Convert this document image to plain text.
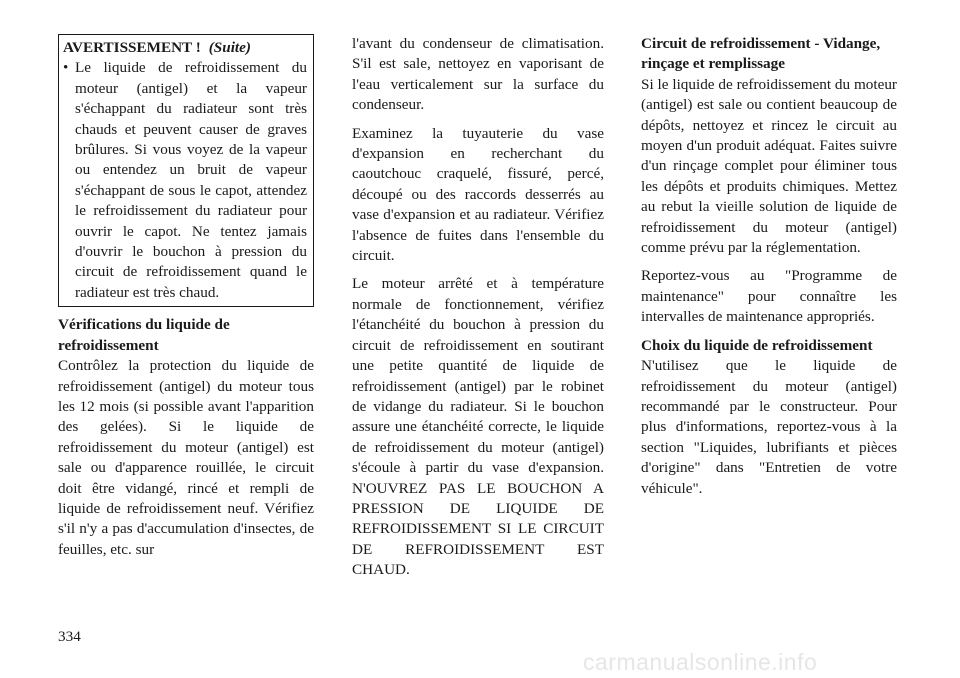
AVERTISSEMENT ! (Suite)
• Le liquide de refroidissement du moteur (antigel) et la vapeur s'échappant du radiateur sont très chauds et peuvent causer de graves brûlures. Si vous voyez de la vapeur ou entendez un bruit de vapeur s'échappant de sous le capot, attendez le refroidissement du radiateur pour ouvrir le capot. Ne tentez jamais d'ouvrir le bouchon à pression du circuit de refroidissement quand le radiateur est très chaud.
Vérifications du liquide de refroidissement

Contrôlez la protection du liquide de refroidissement (antigel) du moteur tous les 12 mois (si possible avant l'apparition des gelées). Si le liquide de refroidissement du moteur (antigel) est sale ou d'apparence rouillée, le circuit doit être vidangé, rincé et rempli de liquide de refroidissement neuf. Vérifiez s'il n'y a pas d'accumulation d'insectes, de feuilles, etc. sur

l'avant du condenseur de climatisation. S'il est sale, nettoyez en vaporisant de l'eau verticalement sur la surface du condenseur.

Examinez la tuyauterie du vase d'expansion en recherchant du caoutchouc craquelé, fissuré, percé, découpé ou des raccords desserrés au vase d'expansion et au radiateur. Vérifiez l'absence de fuites dans l'ensemble du circuit.

Le moteur arrêté et à température normale de fonctionnement, vérifiez l'étanchéité du bouchon à pression du circuit de refroidissement en soutirant une petite quantité de liquide de refroidissement (antigel) par le robinet de vidange du radiateur. Si le bouchon assure une étanchéité correcte, le liquide de refroidissement du moteur (antigel) s'écoule à partir du vase d'expansion. N'OUVREZ PAS LE BOUCHON A PRESSION DE LIQUIDE DE REFROIDISSEMENT SI LE CIRCUIT DE REFROIDISSEMENT EST CHAUD.

Circuit de refroidissement - Vidange, rinçage et remplissage

Si le liquide de refroidissement du moteur (antigel) est sale ou contient beaucoup de dépôts, nettoyez et rincez le circuit au moyen d'un produit adéquat. Faites suivre d'un rinçage complet pour éliminer tous les dépôts et produits chimiques. Mettez au rebut la vieille solution de liquide de refroidissement du moteur (antigel) comme prévu par la réglementation.

Reportez-vous au "Programme de maintenance" pour connaître les intervalles de maintenance appropriés.

Choix du liquide de refroidissement

N'utilisez que le liquide de refroidissement du moteur (antigel) recommandé par le constructeur. Pour plus d'informations, reportez-vous à la section "Liquides, lubrifiants et pièces d'origine" dans "Entretien de votre véhicule".

334
carmanualsonline.info
